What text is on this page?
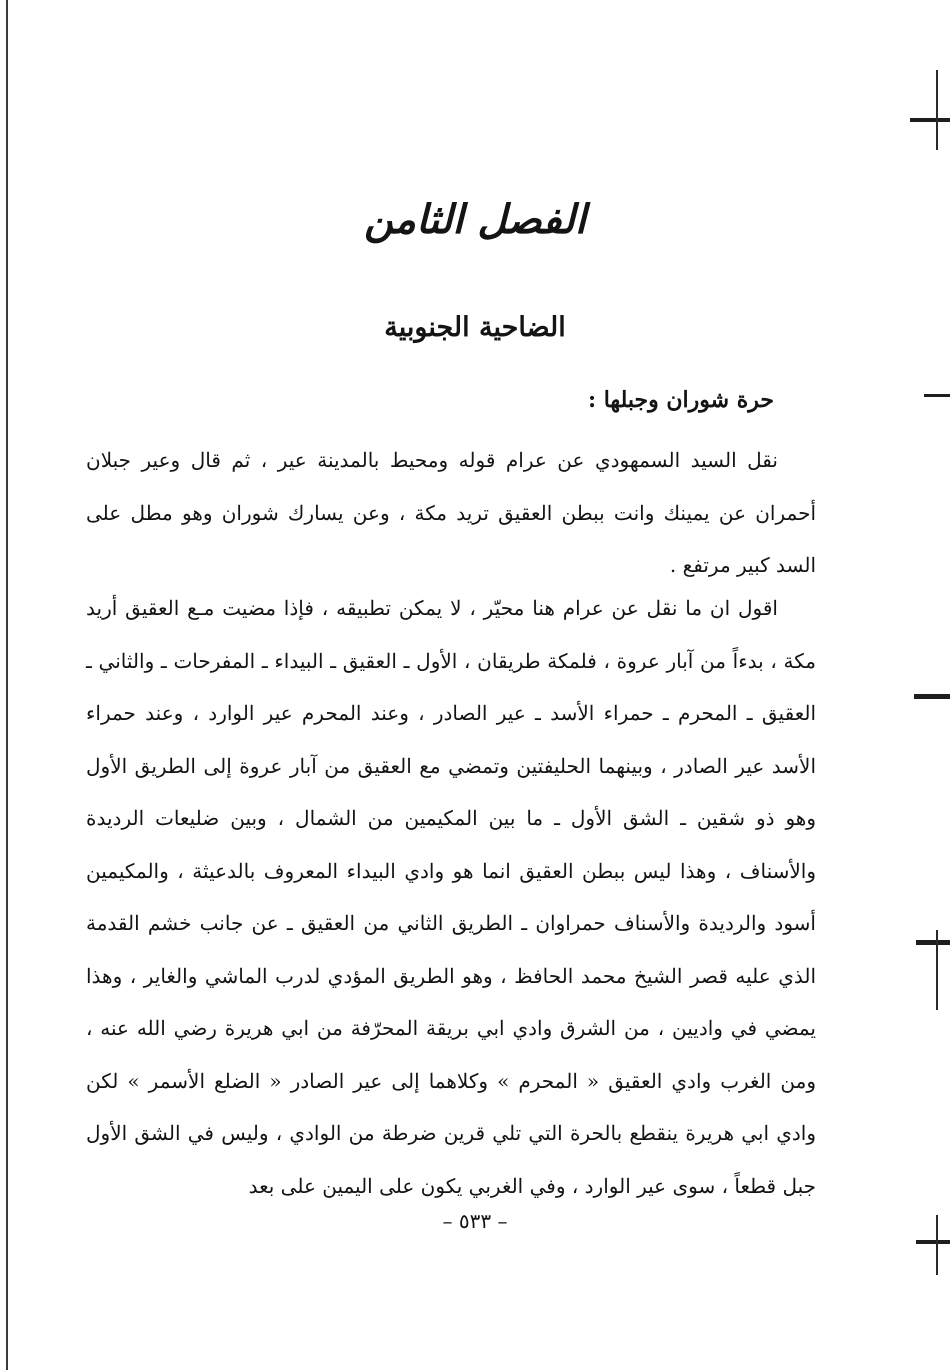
الفصل الثامن
الضاحية الجنوبية
حرة شوران وجبلها :

نقل السيد السمهودي عن عرام قوله ومحيط بالمدينة عير ، ثم قال وعير جبلان أحمران عن يمينك وانت ببطن العقيق تريد مكة ، وعن يسارك شوران وهو مطل على السد كبير مرتفع .

اقول ان ما نقل عن عرام هنا محيّر ، لا يمكن تطبيقه ، فإذا مضيت مـع العقيق أريد مكة ، بدءاً من آبار عروة ، فلمكة طريقان ، الأول ـ العقيق ـ البيداء ـ المفرحات ـ والثاني ـ العقيق ـ المحرم ـ حمراء الأسد ـ عير الصادر ، وعند المحرم عير الوارد ، وعند حمراء الأسد عير الصادر ، وبينهما الحليفتين وتمضي مع العقيق من آبار عروة إلى الطريق الأول وهو ذو شقين ـ الشق الأول ـ ما بين المكيمين من الشمال ، وبين ضليعات الرديدة والأسناف ، وهذا ليس ببطن العقيق انما هو وادي البيداء المعروف بالدعيثة ، والمكيمين أسود والرديدة والأسناف حمراوان ـ الطريق الثاني من العقيق ـ عن جانب خشم القدمة الذي عليه قصر الشيخ محمد الحافظ ، وهو الطريق المؤدي لدرب الماشي والغاير ، وهذا يمضي في واديين ، من الشرق وادي ابي بريقة المحرّفة من ابي هريرة رضي الله عنه ، ومن الغرب وادي العقيق « المحرم » وكلاهما إلى عير الصادر « الضلع الأسمر » لكن وادي ابي هريرة ينقطع بالحرة التي تلي قرين ضرطة من الوادي ، وليس في الشق الأول جبل قطعاً ، سوى عير الوارد ، وفي الغربي يكون على اليمين على بعد

– ٥٣٣ –
